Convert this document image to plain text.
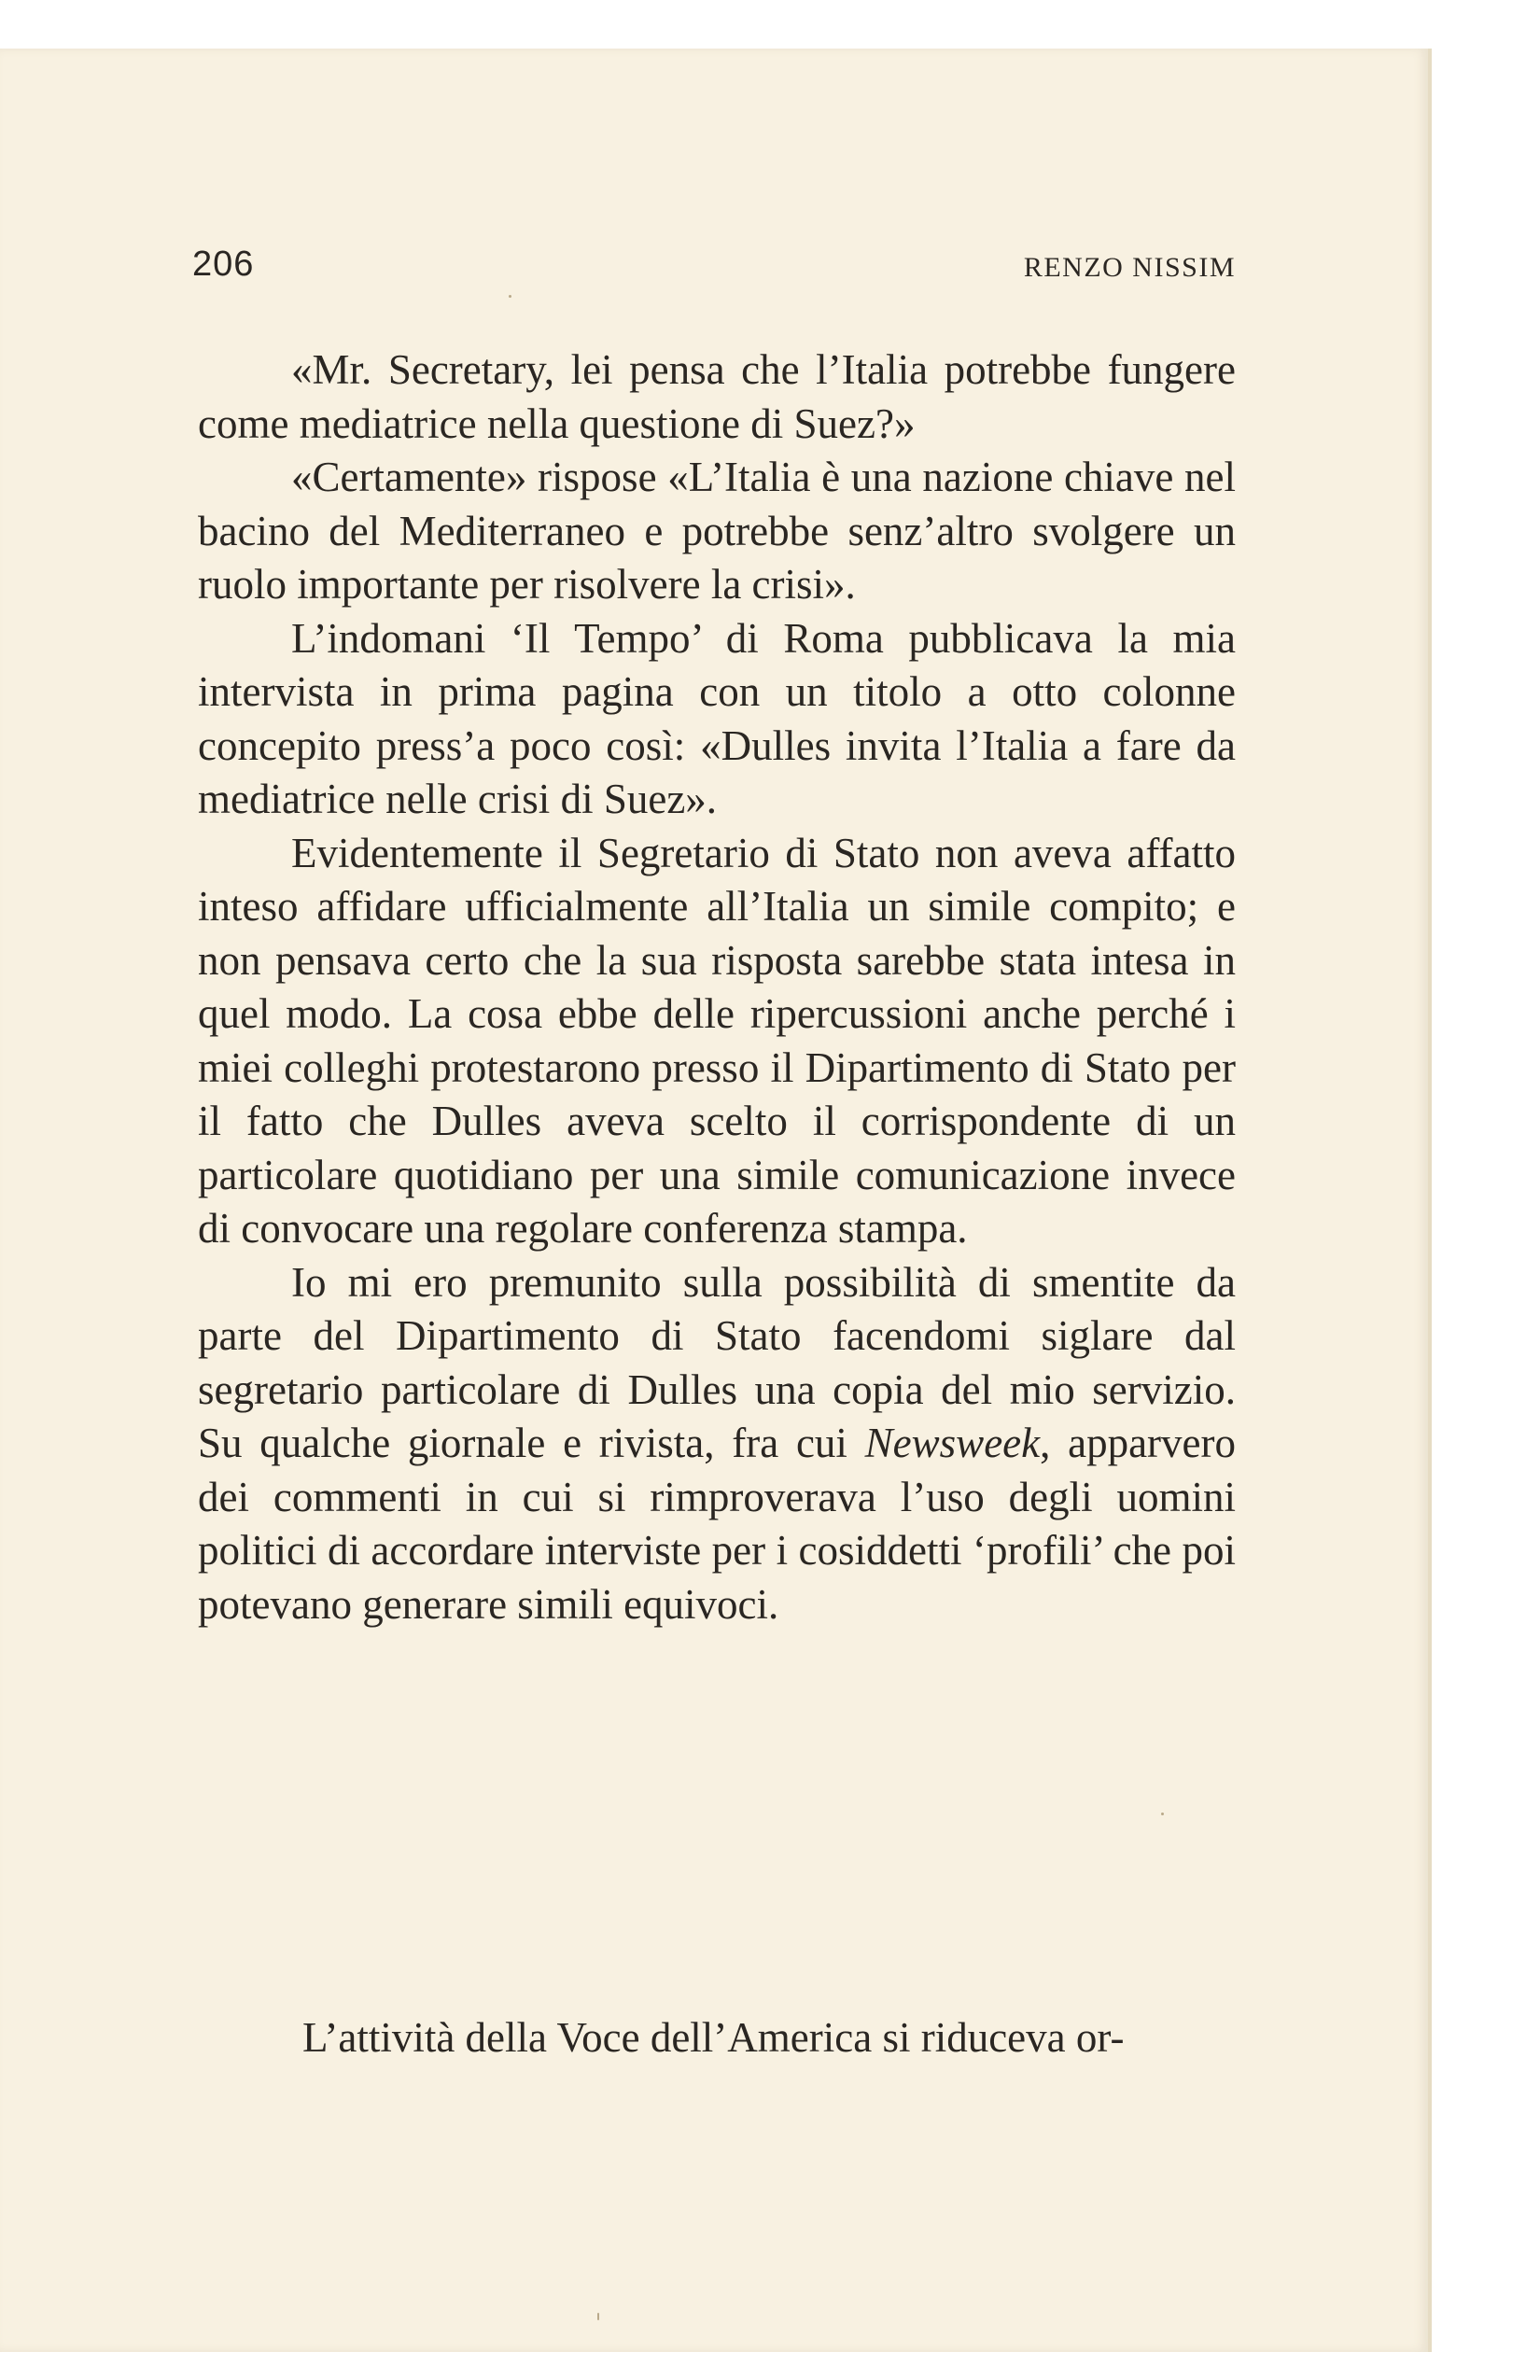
206	RENZO NISSIM

«Mr. Secretary, lei pensa che l’Italia potrebbe fungere come mediatrice nella questione di Suez?»

«Certamente» rispose «L’Italia è una nazione chiave nel bacino del Mediterraneo e potrebbe senz’altro svolgere un ruolo importante per risolvere la crisi».

L’indomani ‘Il Tempo’ di Roma pubblicava la mia intervista in prima pagina con un titolo a otto colonne concepito press’a poco così: «Dulles invita l’Italia a fare da mediatrice nelle crisi di Suez».

Evidentemente il Segretario di Stato non aveva affatto inteso affidare ufficialmente all’Italia un simile compito; e non pensava certo che la sua risposta sarebbe stata intesa in quel modo. La cosa ebbe delle ripercussioni anche perché i miei colleghi protestarono presso il Dipartimento di Stato per il fatto che Dulles aveva scelto il corrispondente di un particolare quotidiano per una simile comunicazione invece di convocare una regolare conferenza stampa.

Io mi ero premunito sulla possibilità di smentite da parte del Dipartimento di Stato facendomi siglare dal segretario particolare di Dulles una copia del mio servizio. Su qualche giornale e rivista, fra cui Newsweek, apparvero dei commenti in cui si rimproverava l’uso degli uomini politici di accordare interviste per i cosiddetti ‘profili’ che poi potevano generare simili equivoci.

L’attività della Voce dell’America si riduceva or-
